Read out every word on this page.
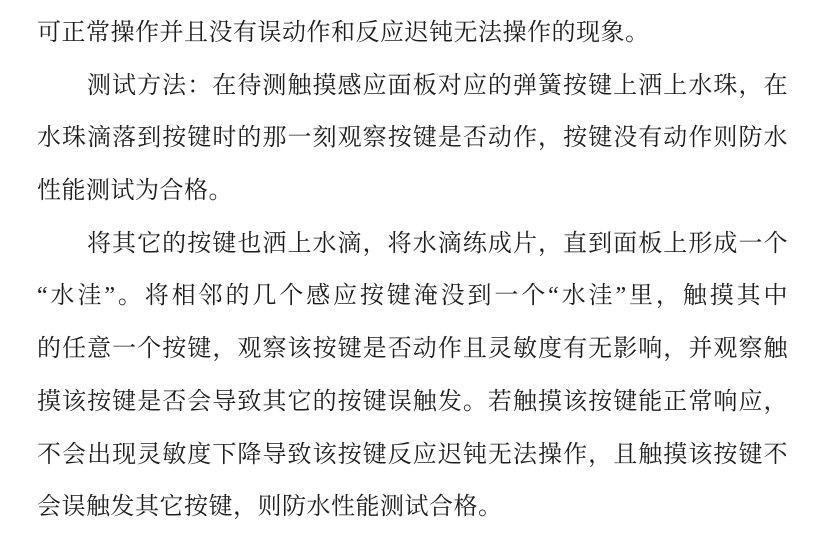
可正常操作并且没有误动作和反应迟钝无法操作的现象。
测试方法：在待测触摸感应面板对应的弹簧按键上洒上水珠，在
水珠滴落到按键时的那一刻观察按键是否动作，按键没有动作则防水
性能测试为合格。
将其它的按键也洒上水滴，将水滴练成片，直到面板上形成一个
“水洼”。将相邻的几个感应按键淹没到一个“水洼”里，触摸其中
的任意一个按键，观察该按键是否动作且灵敏度有无影响，并观察触
摸该按键是否会导致其它的按键误触发。若触摸该按键能正常响应，
不会出现灵敏度下降导致该按键反应迟钝无法操作，且触摸该按键不
会误触发其它按键，则防水性能测试合格。
